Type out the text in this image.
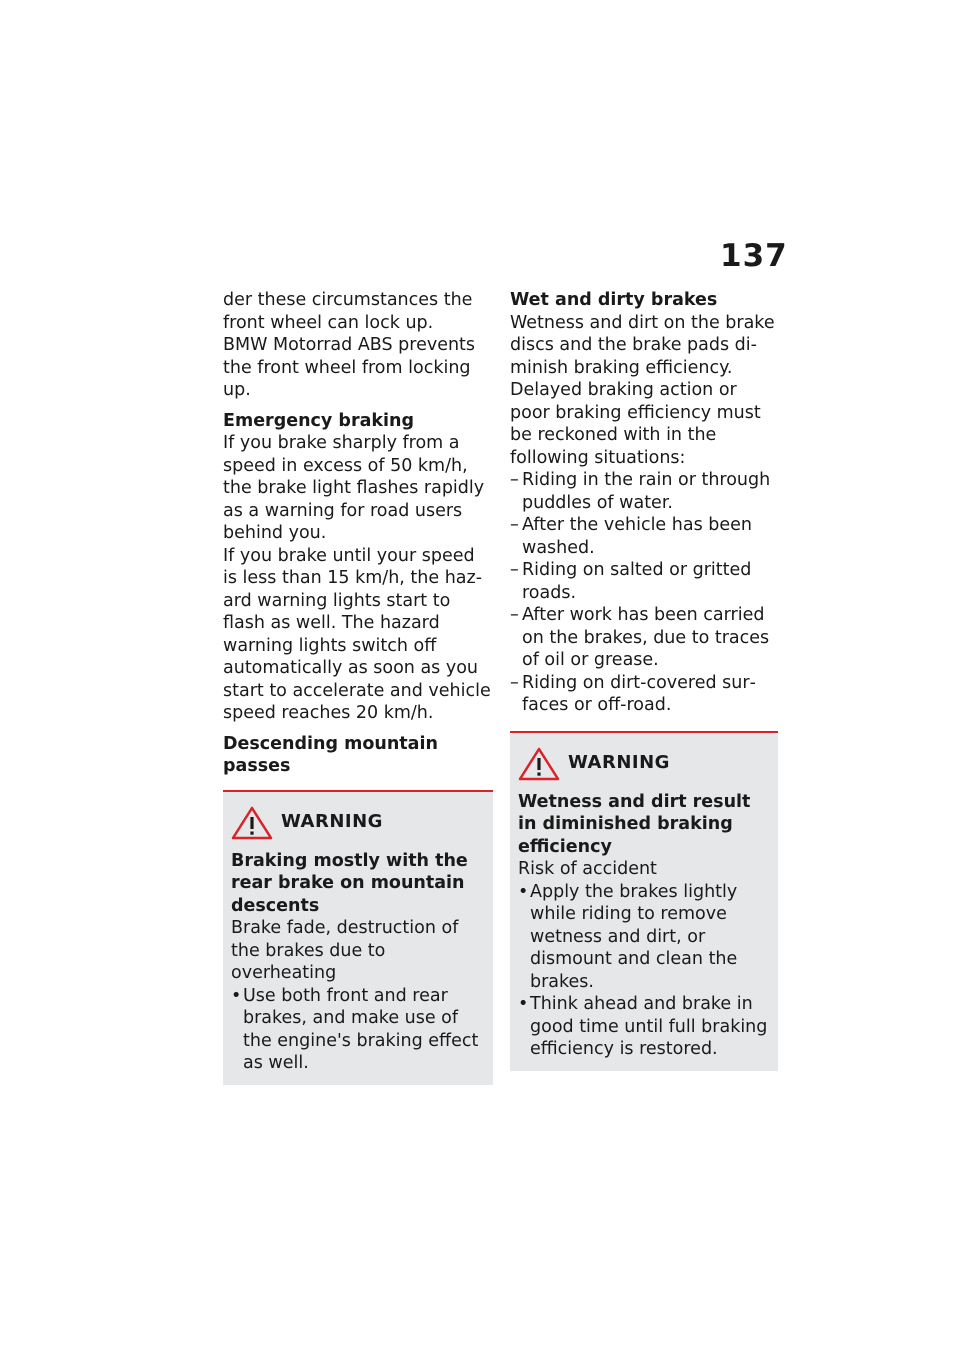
137

der these circumstances the front wheel can lock up.

BMW Motorrad ABS prevents the front wheel from locking up.

Emergency braking

If you brake sharply from a speed in excess of 50 km/h, the brake light flashes rapidly as a warning for road users behind you.

If you brake until your speed is less than 15 km/h, the hazard warning lights start to flash as well. The hazard warning lights switch off automatically as soon as you start to accelerate and vehicle speed reaches 20 km/h.

Descending mountain passes

WARNING

Braking mostly with the rear brake on mountain descents

Brake fade, destruction of the brakes due to overheating

• Use both front and rear brakes, and make use of the engine's braking effect as well.

Wet and dirty brakes

Wetness and dirt on the brake discs and the brake pads diminish braking efficiency.

Delayed braking action or poor braking efficiency must be reckoned with in the following situations:

– Riding in the rain or through puddles of water.
– After the vehicle has been washed.
– Riding on salted or gritted roads.
– After work has been carried on the brakes, due to traces of oil or grease.
– Riding on dirt-covered surfaces or off-road.
WARNING

Wetness and dirt result in diminished braking efficiency

Risk of accident

• Apply the brakes lightly while riding to remove wetness and dirt, or dismount and clean the brakes.
• Think ahead and brake in good time until full braking efficiency is restored.
